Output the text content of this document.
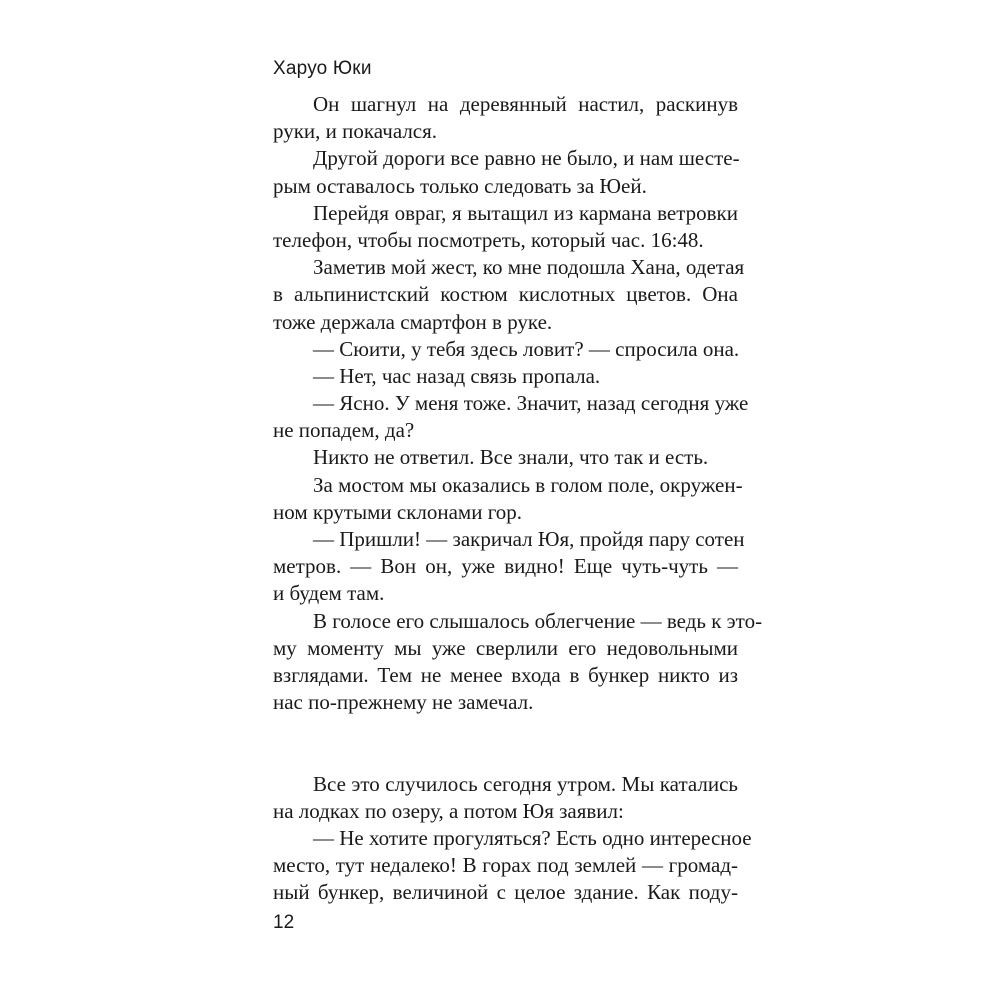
Харуо Юки
Он шагнул на деревянный настил, раскинув
руки, и покачался.
Другой дороги все равно не было, и нам шесте-
рым оставалось только следовать за Юей.
Перейдя овраг, я вытащил из кармана ветровки
телефон, чтобы посмотреть, который час. 16:48.
Заметив мой жест, ко мне подошла Хана, одетая
в альпинистский костюм кислотных цветов. Она
тоже держала смартфон в руке.
— Сюити, у тебя здесь ловит? — спросила она.
— Нет, час назад связь пропала.
— Ясно. У меня тоже. Значит, назад сегодня уже
не попадем, да?
Никто не ответил. Все знали, что так и есть.
За мостом мы оказались в голом поле, окружен-
ном крутыми склонами гор.
— Пришли! — закричал Юя, пройдя пару сотен
метров. — Вон он, уже видно! Еще чуть-чуть —
и будем там.
В голосе его слышалось облегчение — ведь к это-
му моменту мы уже сверлили его недовольными
взглядами. Тем не менее входа в бункер никто из
нас по-прежнему не замечал.
Все это случилось сегодня утром. Мы катались
на лодках по озеру, а потом Юя заявил:
— Не хотите прогуляться? Есть одно интересное
место, тут недалеко! В горах под землей — громад-
ный бункер, величиной с целое здание. Как поду-
12
